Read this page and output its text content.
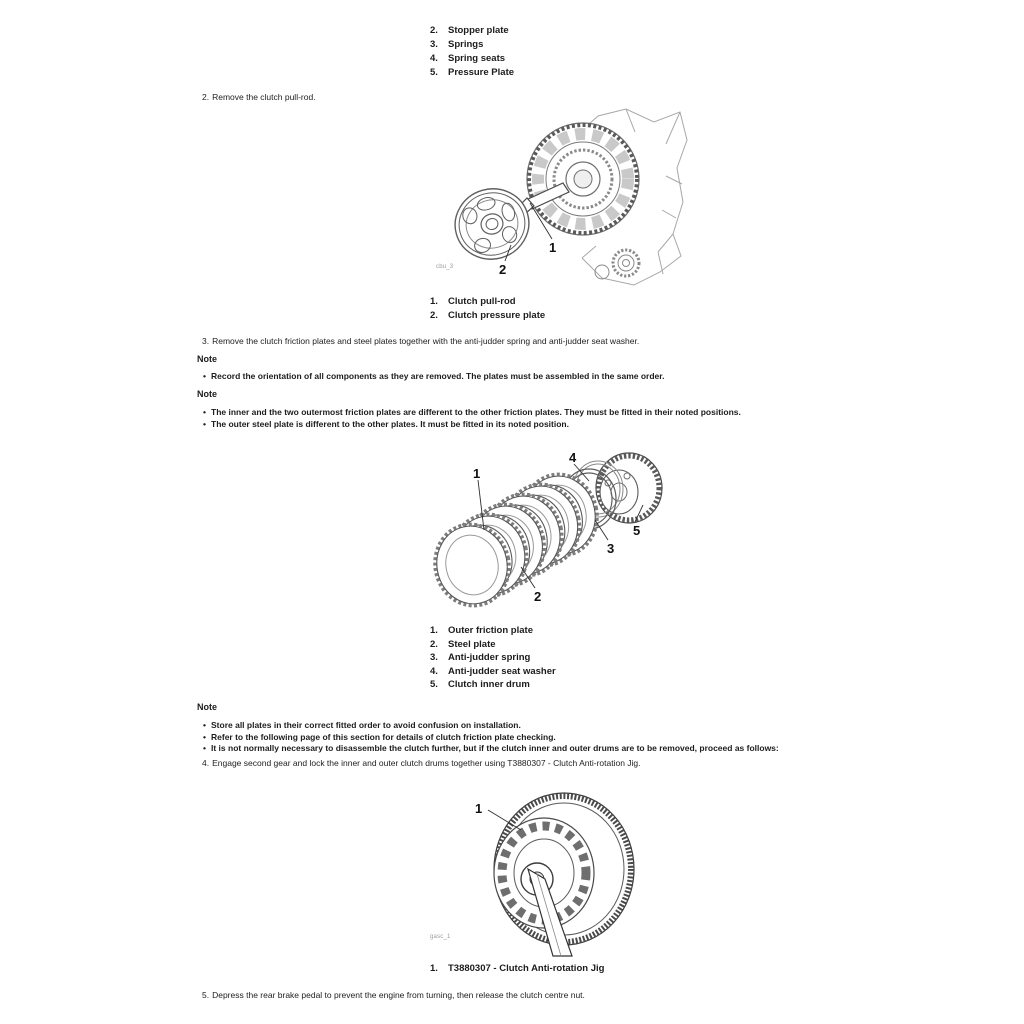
2.	Stopper plate
3.	Springs
4.	Spring seats
5.	Pressure Plate

2. Remove the clutch pull-rod.

1
2
cbu_3
1.	Clutch pull-rod
2.	Clutch pressure plate

3. Remove the clutch friction plates and steel plates together with the anti-judder spring and anti-judder seat washer.

Note
• Record the orientation of all components as they are removed. The plates must be assembled in the same order.
Note
• The inner and the two outermost friction plates are different to the other friction plates. They must be fitted in their noted positions.
• The outer steel plate is different to the other plates. It must be fitted in its noted position.
1
2
3
4
5
1.	Outer friction plate
2.	Steel plate
3.	Anti-judder spring
4.	Anti-judder seat washer
5.	Clutch inner drum
Note
• Store all plates in their correct fitted order to avoid confusion on installation.
• Refer to the following page of this section for details of clutch friction plate checking.
• It is not normally necessary to disassemble the clutch further, but if the clutch inner and outer drums are to be removed, proceed as follows:

4. Engage second gear and lock the inner and outer clutch drums together using T3880307 - Clutch Anti-rotation Jig.

1
gasc_1
1.	T3880307 - Clutch Anti-rotation Jig

5. Depress the rear brake pedal to prevent the engine from turning, then release the clutch centre nut.
